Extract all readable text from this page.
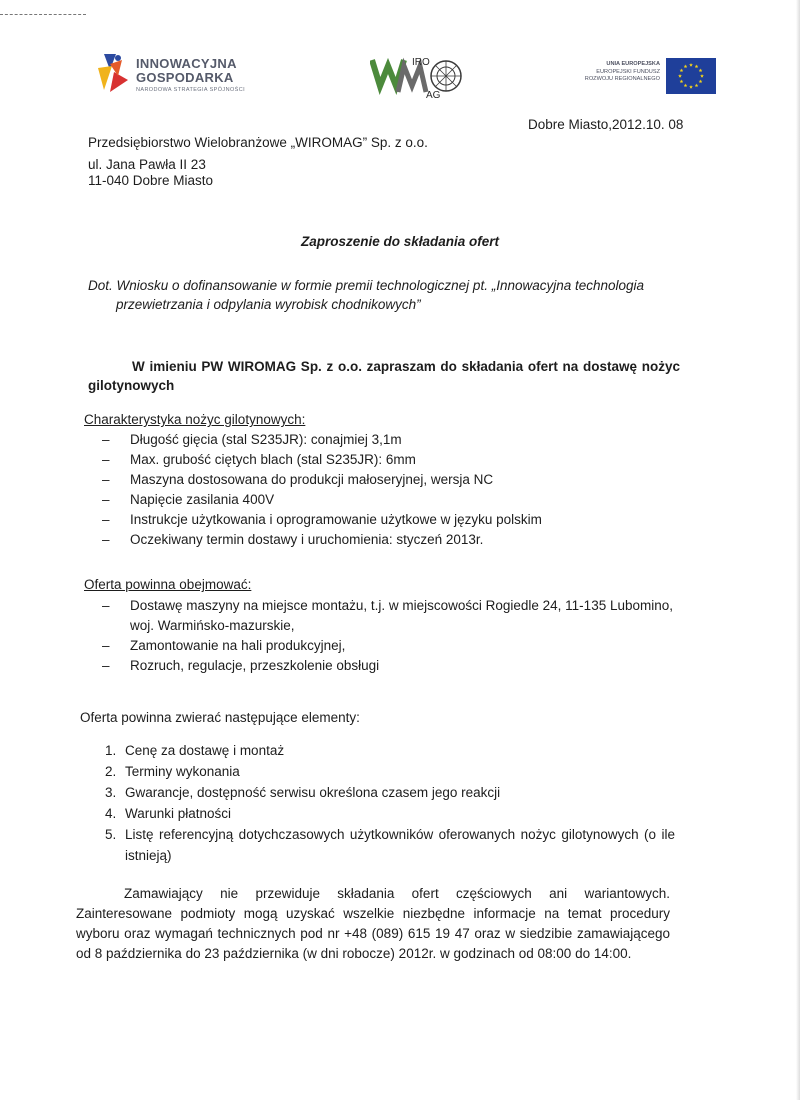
INNOWACYJNA
GOSPODARKA
NARODOWA STRATEGIA SPÓJNOŚCI
IRO
AG
UNIA EUROPEJSKA
EUROPEJSKI FUNDUSZ
ROZWOJU REGIONALNEGO
Dobre Miasto,2012.10. 08
Przedsiębiorstwo Wielobranżowe „WIROMAG” Sp. z o.o.
ul. Jana Pawła II 23
11-040 Dobre Miasto
Zaproszenie do składania ofert
Dot. Wniosku o dofinansowanie w formie premii technologicznej pt. „Innowacyjna technologia
przewietrzania i odpylania wyrobisk chodnikowych”

W imieniu PW WIROMAG Sp. z o.o. zapraszam do składania ofert na dostawę nożyc gilotynowych

Charakterystyka nożyc gilotynowych:
– Długość gięcia (stal S235JR): conajmiej 3,1m
– Max. grubość ciętych blach (stal S235JR): 6mm
– Maszyna dostosowana do produkcji małoseryjnej, wersja NC
– Napięcie zasilania 400V
– Instrukcje użytkowania i oprogramowanie użytkowe w języku polskim
– Oczekiwany termin dostawy i uruchomienia: styczeń 2013r.
Oferta powinna obejmować:
– Dostawę maszyny na miejsce montażu, t.j. w miejscowości Rogiedle 24, 11-135 Lubomino, woj. Warmińsko-mazurskie,
– Zamontowanie na hali produkcyjnej,
– Rozruch, regulacje, przeszkolenie obsługi
Oferta powinna zwierać następujące elementy:
1. Cenę za dostawę i montaż
2. Terminy wykonania
3. Gwarancje, dostępność serwisu określona czasem jego reakcji
4. Warunki płatności
5. Listę referencyjną dotychczasowych użytkowników oferowanych nożyc gilotynowych (o ile istnieją)

Zamawiający nie przewiduje składania ofert częściowych ani wariantowych. Zainteresowane podmioty mogą uzyskać wszelkie niezbędne informacje na temat procedury wyboru oraz wymagań technicznych pod nr +48 (089) 615 19 47 oraz w siedzibie zamawiającego od 8 października do 23 października (w dni robocze) 2012r. w godzinach od 08:00 do 14:00.
